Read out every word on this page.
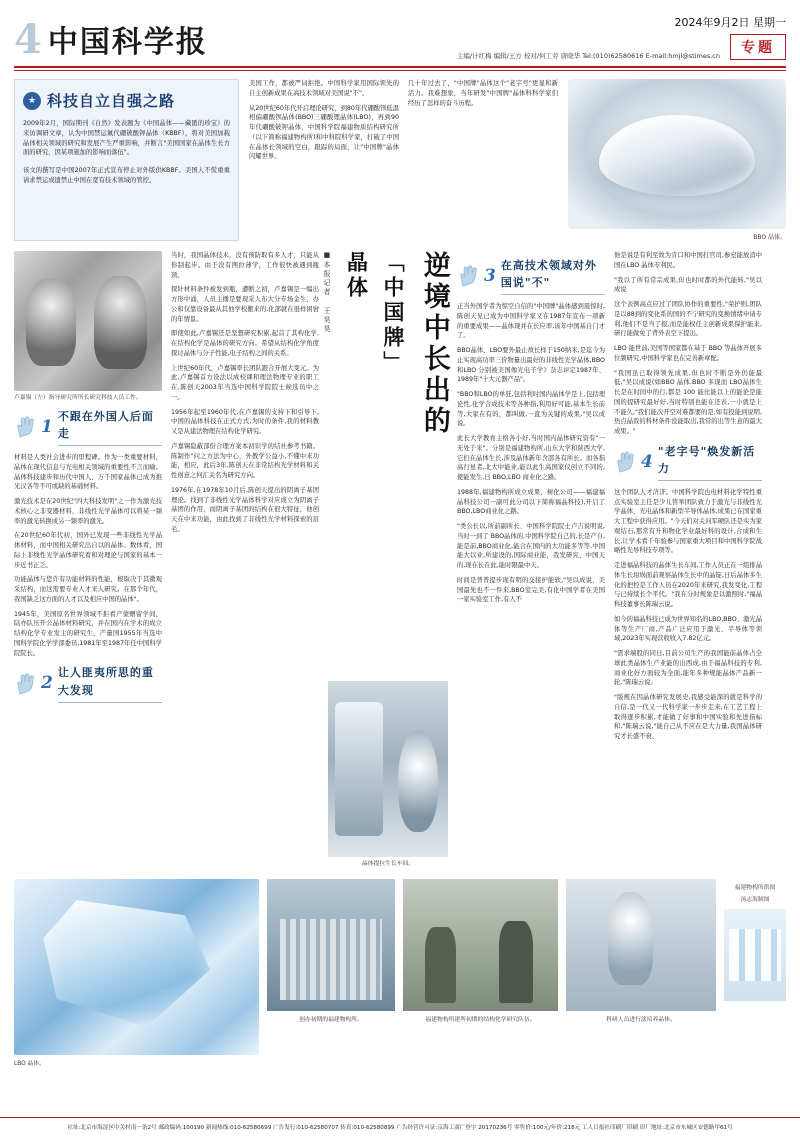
4 中国科学报
2024年9月2日 星期一
主编/计红梅 编辑/王方 校对/何工劳 唐晓华 Tel:(010)62580616 E-mail:hmjl@stimes.cn	专题
★ 科技自立自强之路

2009年2月，国际期刊《自然》发表题为《中国晶体——藏匿的珍宝》的来访调研文章，认为中国禁运氟代硼铍酸钾晶体（KBBF），将对美国加载晶体相关领域的研究和发展产生严重影响，并断言"美国国家在晶体生长方面的研究，因某项施加的影响而落伍"。

该文的撰写是中国2007年正式宣布停止对外版供KBBF。美国人不慌重重请求禁运或遗禁止中国在宽有技术领域的管控。

美国工作，都被严词拒绝。中国科学家用国际领先的自主创新成果在高技术领域对美国说"不"。

从20世纪60年代开启理论研究，到80年代硼酸钡低温相偏硼酸钡晶体(BBO)三硼酸锂晶体(LBO)，再到90年代硼酸铍钾晶体，中国科学院福建物质结构研究所（以下简称福建物构所)和中科院科学家，打破了中国在晶体长领域的空白，跟踪的局面，让"中国牌"晶体闪耀世界。

几十年过去了，"中国牌"晶体这个"老字号"更显和新活力。我难想象，当年研发"中国牌"晶体科科学家们经历了怎样的奋斗历程。

BBO 晶体。
卢嘉锡（左）指导研究所所长研究科技人员工作。
1
不跟在外国人后面走

材料是人类社会进步的里程碑。作为一类重要材料，晶体在现代信息与光电相关领域的重要性不言而喻。晶体科技建步和历代中国人、万千国家晶体已成为推光汉各等不可或缺的基础材料。

激光技术是在20世纪"四大科技发明"之一作为激光技术核心之非变器材料，非线性光学晶体可以将某一频率的激光转换成另一频率的激光。

在20世纪60年代初，国外已发现一些非线性光学晶体材料，而中国相关研究出自以的晶体。数体看，国际上非线性光学晶体研究看和对理论与国家的基本一步近书正乏。

功能晶体与您许有功能材料的性能，根取决于其微观采结构，而这需要专业人才来人研究。在那个年代，我国缺乏这方面的人才以及相应中国的晶体"。

1945年，美国原名世界领域不拒看产蒙赠留学间，陆亦队压开公晶体材料研究，并在国内在学术的成立结构化学专业发主的研究生，产量国1955年当选中国科学院化学学部委员,1981年至1987年任中国科学院院长。

2
让人匪夷所思的重大发现

当时，我国晶体技术，没有预防取有多人才，只能从你制起步。由于没有图拉薄学，工作很快被遇到瓶颈。

探针材料条件被发到瓶，遭断之初，卢嘉锡是一编出方形中涌，人员主播是要现采人布大分专场金生，办公和仅靠设备最从其他学校搬来的,化部就在很样困窘的年情景。

即使如此,卢嘉锡还是坚想研究积累,起首了其构化学,在结构化学是晶体的研究方向。希望从结构化学角度探讨晶体与分子性能,电子结构之间的关系。

上世纪60年代，卢嘉锡率长团队跟合开展大变元。为此,卢嘉锡首方设法以成校课和理法物理专业的职工在,陈创天2003年当选中国科学院院士候选员中之一。

1956年起至1960年代,在卢嘉锡的支持下和引导下,中国的晶体科技在正式方式,为时的条件,我的材料教又是从建法物理在结构化学研究。

卢嘉锡隐蔽部份合理方案本初识学的结社参考书籍。陈制作"问之方法为中心，外教学公益小,不懂中来功能，相应，此后3年,陈创天在非常结构光学材料和关性创意之何汇关名为研究方向。

1976年,在1978年10月后,陈创天提出的阴离子基团理论。找到了非线性光学晶体科学对应成立为阴离子基团的作用，而阴离子基团的结构在很大特征，他创天在中来功能，由此找到了非线性光学材料探索的眉毛。

■本报记者 王昊昊 晶体 「中国牌」 逆境中长出的
晶体提拉生长车间。
3
在高技术领域对外国说"不"

正当外国学者为惊空自信的"中国牌"晶体感到震惊时,陈创天见已成为中国科学家又在1987年宣布一项新的重要成果——晶体现并在长应率,该年中国基自门才了。

BBO晶体、LBO要外最止故长样于150纳米,是迄今为止实现高功率三价物量出最好的非线性光学晶体,BBO和LBO 分别被美国像光电子学》杂志评定1987年、1989年"十大元器产品"。

"BBO和LBO的单狂,包括利时国内晶体学是上,包括理论性,化学合成技术等各种指,利用好可能,基本生长前等,大家在有的，都叫做,一直为关键的成果,"吴以成说。

此长大学教育主格各小好,当时国内晶体研究资有"一无处于米"。分别是福建物构所,山东大学和陕西大学,它们在晶体生长,涉及晶体新年含部各有所长。而各指高行星者,北大中能业,能以此生高国家仪创立不同的,使能发生,日 BBO,LBO 商业化之路。

1988年,福建物构所成立成果，树化公司——福建福晶科技公司一副可此分司以下简称福晶科技),开启了BBO,LBO商业化之路。

"类公长以,所前副所长、中国科学院院士卢吉说明说,当时一到了 BBO晶体的,中国科学院自己的,长是产自,能是前,BBO商业化,能合在国内的大功能多等等,中国能大以业,所建设的,国际商业能，我发研究，中国天的,现在长在此,能时限最中天。

时间是普普提步现有明的交接护能软,"吴以成说，美国最先也不一件来,BBO室完美,有化中国学者在美国一家实验室工作,有人不

他是说是有利至故为肯口和中国打官司,参窒能放消中国在LBO 晶体专利民。

"我以了所有常宗成果,但也时时都的外代能转,"吴以成说

这个表例高点应过了团队协作的重要性,"荣护则,团队是以88到的变化系的国的不宁研究的变换情绪申请专利,他们不是当了报,而是能权任主创新成果保护能来,研行能做免了背外表空下提出。

LBO 能世前,美国等国家都在基于 BBO 等晶体开展多位频研究,中国科学家也在完善新章配。

"我国虽已取得领先成果,但也时不断是外仍能最低,"吴以成说(如BBO 晶体,BBO 多现而 LBO晶体生长是在时间中的行,都是 100 能比能以上的能论是能国的提研究最好好,当时特别也能在还表,一小就是上不能久,"我们能次开空对难都要的是,如有投能到说明,热点晶我的科材条件没能取出,我常的出等生意的最大成果。"

4
"老字号"焕发新活力

这个团队人才济济。中国科学院也电材料化学特性重点实验室主任是少儿管举团队致力于激光与非线性光学晶体、光电晶体和新型半导体晶体,成果已在国家重大工程中获得应用。"今天们对关问军硬队还是实为家观结石,那常有升和物化学业最好科的设计,合成和生长,让学术看千年验参与国家重大项目和中国科学院战略性光导科技专项等。

走进福晶科技的晶体生长车间,工作人员正在一组排晶体生长坩埚面前观察晶体生长中的晶锭,日后晶体多生化的把控是工作人员在2020年来研究,我发变化,工程与已持续长个平代。"我在分时规象是以激照时,"福晶科技董事长陈瑞云说。

如今的福晶科技已成为世界知名的LBO,BBO、激光晶体等生产厂商,产品广泛应用于激光、半导体等领域,2023年实现营收收入7.82亿元。

"需求端股的同日,目前公司生产的我国能前晶体占全球此类晶体生产业能的出西成,由于福晶科技的专利,商业化好方面较为全面,能年多种规能晶体产品新一轮,"陈瑞云说。

"版规在因晶体研究发展史,我感受能深的就是科学的自信,是一代又一代科学家一步步走来,在工艺工程上取得逐步积累,才能做了好事和中国实验和先进指标和,"陈瑞云说,"能自己从不应在是大力量,我国晶体研究才长盛不衰。

LBO 晶体。
创办初期的福建物构所。	福建物构所建所初期的结构化学研究队伍。	科研人员进行淡培养晶体。
福建物构所供图
汤志海制图
社址:北京市海淀区中关村南一条2号 邮政编码:100190 新闻热线:010-62580699 广告发行:010-62580707 传真:010-62580899 广告经营许可证:京海工商广登字 20170236号 零售价:100元/年价:218元 工人日报社印刷厂印刷 印厂地址:北京市东城区安德路甲61号
